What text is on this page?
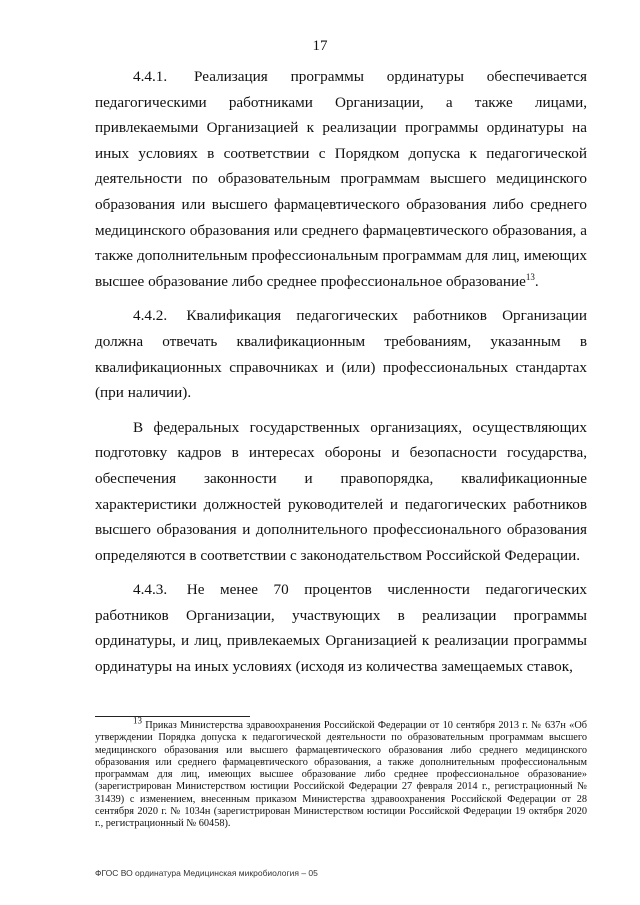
17

4.4.1. Реализация программы ординатуры обеспечивается педагогическими работниками Организации, а также лицами, привлекаемыми Организацией к реализации программы ординатуры на иных условиях в соответствии с Порядком допуска к педагогической деятельности по образовательным программам высшего медицинского образования или высшего фармацевтического образования либо среднего медицинского образования или среднего фармацевтического образования, а также дополнительным профессиональным программам для лиц, имеющих высшее образование либо среднее профессиональное образование$^{13}$.

4.4.2. Квалификация педагогических работников Организации должна отвечать квалификационным требованиям, указанным в квалификационных справочниках и (или) профессиональных стандартах (при наличии).

В федеральных государственных организациях, осуществляющих подготовку кадров в интересах обороны и безопасности государства, обеспечения законности и правопорядка, квалификационные характеристики должностей руководителей и педагогических работников высшего образования и дополнительного профессионального образования определяются в соответствии с законодательством Российской Федерации.

4.4.3. Не менее 70 процентов численности педагогических работников Организации, участвующих в реализации программы ординатуры, и лиц, привлекаемых Организацией к реализации программы ординатуры на иных условиях (исходя из количества замещаемых ставок,

$^{13}$ Приказ Министерства здравоохранения Российской Федерации от 10 сентября 2013 г. № 637н «Об утверждении Порядка допуска к педагогической деятельности по образовательным программам высшего медицинского образования или высшего фармацевтического образования либо среднего медицинского образования или среднего фармацевтического образования, а также дополнительным профессиональным программам для лиц, имеющих высшее образование либо среднее профессиональное образование» (зарегистрирован Министерством юстиции Российской Федерации 27 февраля 2014 г., регистрационный № 31439) с изменением, внесенным приказом Министерства здравоохранения Российской Федерации от 28 сентября 2020 г. № 1034н (зарегистрирован Министерством юстиции Российской Федерации 19 октября 2020 г., регистрационный № 60458).
ФГОС ВО ординатура Медицинская микробиология – 05
